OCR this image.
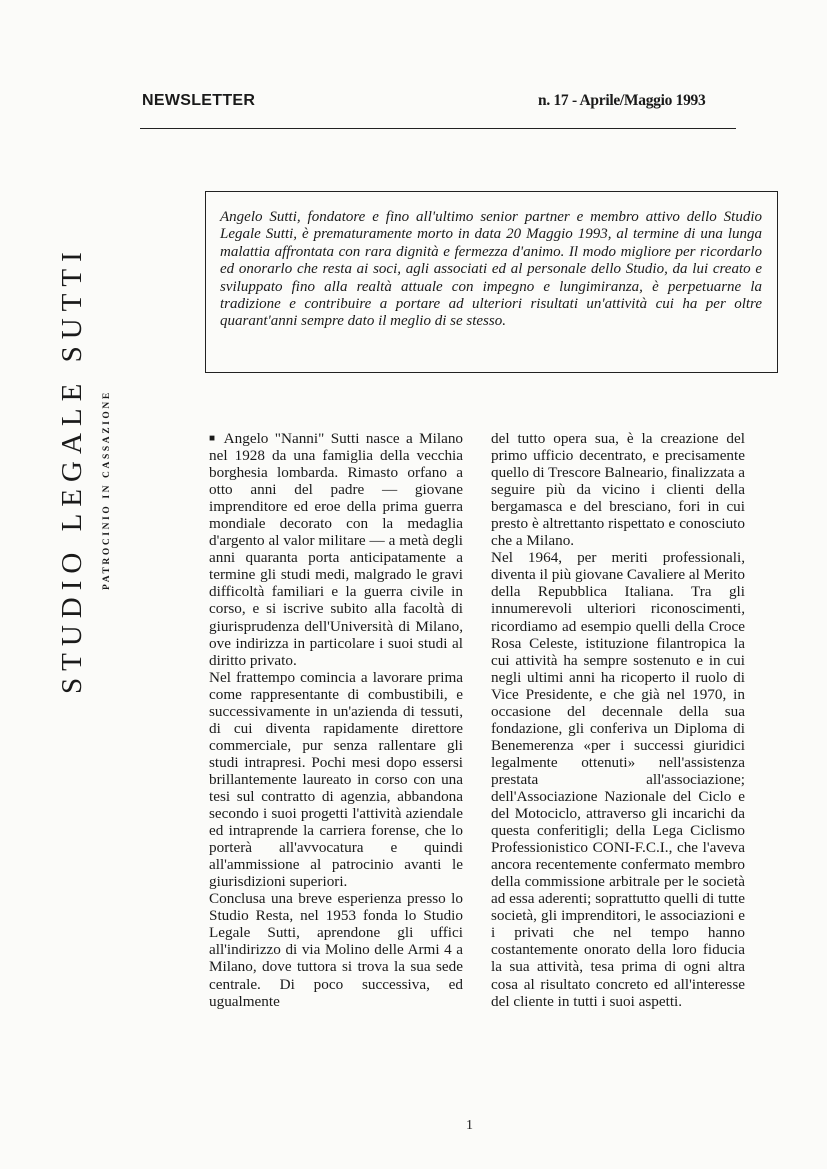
NEWSLETTER	n. 17 - Aprile/Maggio 1993
STUDIO LEGALE SUTTI PATROCINIO IN CASSAZIONE

Angelo Sutti, fondatore e fino all'ultimo senior partner e membro attivo dello Studio Legale Sutti, è prematuramente morto in data 20 Maggio 1993, al termine di una lunga malattia affrontata con rara dignità e fermezza d'animo. Il modo migliore per ricordarlo ed onorarlo che resta ai soci, agli associati ed al personale dello Studio, da lui creato e sviluppato fino alla realtà attuale con impegno e lungimiranza, è perpetuarne la tradizione e contribuire a portare ad ulteriori risultati un'attività cui ha per oltre quarant'anni sempre dato il meglio di se stesso.

■ Angelo "Nanni" Sutti nasce a Milano nel 1928 da una famiglia della vecchia borghesia lombarda. Rimasto orfano a otto anni del padre — giovane imprenditore ed eroe della prima guerra mondiale decorato con la medaglia d'argento al valor militare — a metà degli anni quaranta porta anticipatamente a termine gli studi medi, malgrado le gravi difficoltà familiari e la guerra civile in corso, e si iscrive subito alla facoltà di giurisprudenza dell'Università di Milano, ove indirizza in particolare i suoi studi al diritto privato.

Nel frattempo comincia a lavorare prima come rappresentante di combustibili, e successivamente in un'azienda di tessuti, di cui diventa rapidamente direttore commerciale, pur senza rallentare gli studi intrapresi. Pochi mesi dopo essersi brillantemente laureato in corso con una tesi sul contratto di agenzia, abbandona secondo i suoi progetti l'attività aziendale ed intraprende la carriera forense, che lo porterà all'avvocatura e quindi all'ammissione al patrocinio avanti le giurisdizioni superiori.

Conclusa una breve esperienza presso lo Studio Resta, nel 1953 fonda lo Studio Legale Sutti, aprendone gli uffici all'indirizzo di via Molino delle Armi 4 a Milano, dove tuttora si trova la sua sede centrale. Di poco successiva, ed ugualmente

del tutto opera sua, è la creazione del primo ufficio decentrato, e precisamente quello di Trescore Balneario, finalizzata a seguire più da vicino i clienti della bergamasca e del bresciano, fori in cui presto è altrettanto rispettato e conosciuto che a Milano.

Nel 1964, per meriti professionali, diventa il più giovane Cavaliere al Merito della Repubblica Italiana. Tra gli innumerevoli ulteriori riconoscimenti, ricordiamo ad esempio quelli della Croce Rosa Celeste, istituzione filantropica la cui attività ha sempre sostenuto e in cui negli ultimi anni ha ricoperto il ruolo di Vice Presidente, e che già nel 1970, in occasione del decennale della sua fondazione, gli conferiva un Diploma di Benemerenza «per i successi giuridici legalmente ottenuti» nell'assistenza prestata all'associazione; dell'Associazione Nazionale del Ciclo e del Motociclo, attraverso gli incarichi da questa conferitigli; della Lega Ciclismo Professionistico CONI-F.C.I., che l'aveva ancora recentemente confermato membro della commissione arbitrale per le società ad essa aderenti; soprattutto quelli di tutte società, gli imprenditori, le associazioni e i privati che nel tempo hanno costantemente onorato della loro fiducia la sua attività, tesa prima di ogni altra cosa al risultato concreto ed all'interesse del cliente in tutti i suoi aspetti.

1
